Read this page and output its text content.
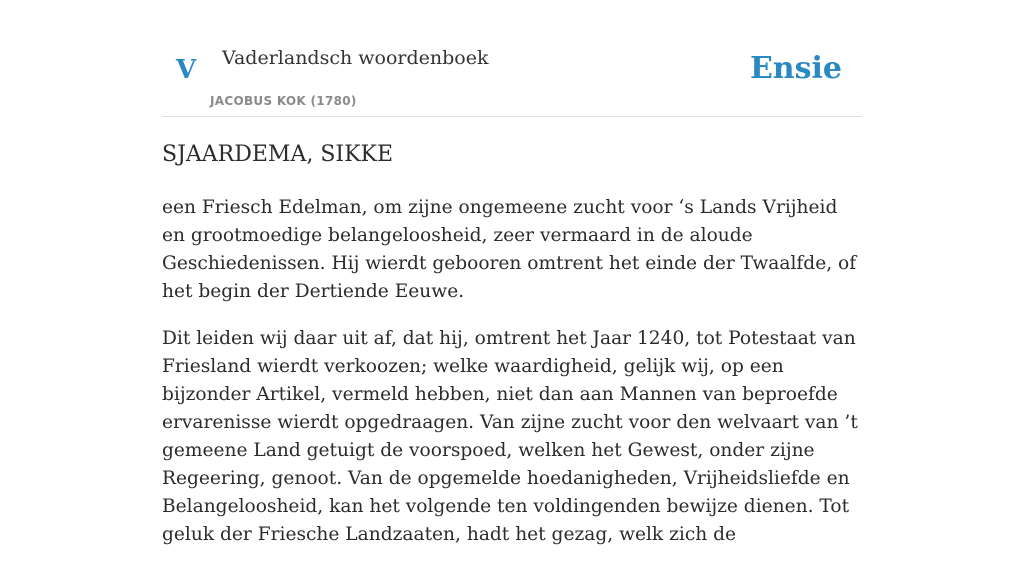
V Vaderlandsch woordenboek
JACOBUS KOK (1780)
Ensie
SJAARDEMA, SIKKE

een Friesch Edelman, om zijne ongemeene zucht voor ‘s Lands Vrijheid en grootmoedige belangeloosheid, zeer vermaard in de aloude Geschiedenissen. Hij wierdt gebooren omtrent het einde der Twaalfde, of het begin der Dertiende Eeuwe.

Dit leiden wij daar uit af, dat hij, omtrent het Jaar 1240, tot Potestaat van Friesland wierdt verkoozen; welke waardigheid, gelijk wij, op een bijzonder Artikel, vermeld hebben, niet dan aan Mannen van beproefde ervarenisse wierdt opgedraagen. Van zijne zucht voor den welvaart van ’t gemeene Land getuigt de voorspoed, welken het Gewest, onder zijne Regeering, genoot. Van de opgemelde hoedanigheden, Vrijheidsliefde en Belangeloosheid, kan het volgende ten voldingenden bewijze dienen. Tot geluk der Friesche Landzaaten, hadt het gezag, welk zich de
